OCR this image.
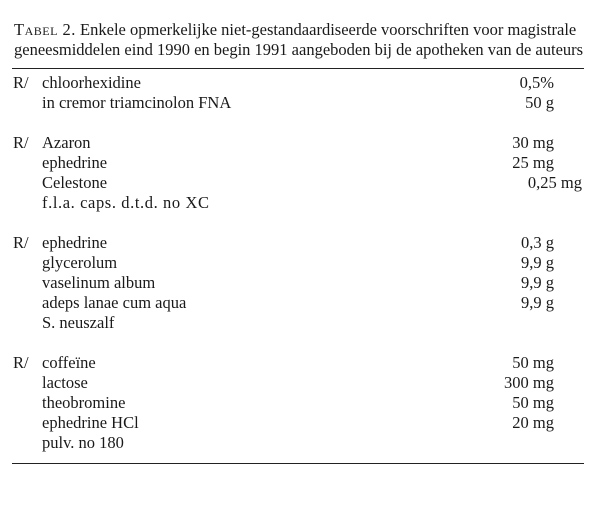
Tabel 2. Enkele opmerkelijke niet-gestandaardiseerde voorschriften voor magistrale geneesmiddelen eind 1990 en begin 1991 aangeboden bij de apotheken van de auteurs

R/ chloorhexidine	0,5%
in cremor triamcinolon FNA	50 g
R/ Azaron	30 mg
ephedrine	25 mg
Celestone	0,25 mg
f.l.a. caps. d.t.d. no XC
R/ ephedrine	0,3 g
glycerolum	9,9 g
vaselinum album	9,9 g
adeps lanae cum aqua	9,9 g
S. neuszalf
R/ coffeïne	50 mg
lactose	300 mg
theobromine	50 mg
ephedrine HCl	20 mg
pulv. no 180
